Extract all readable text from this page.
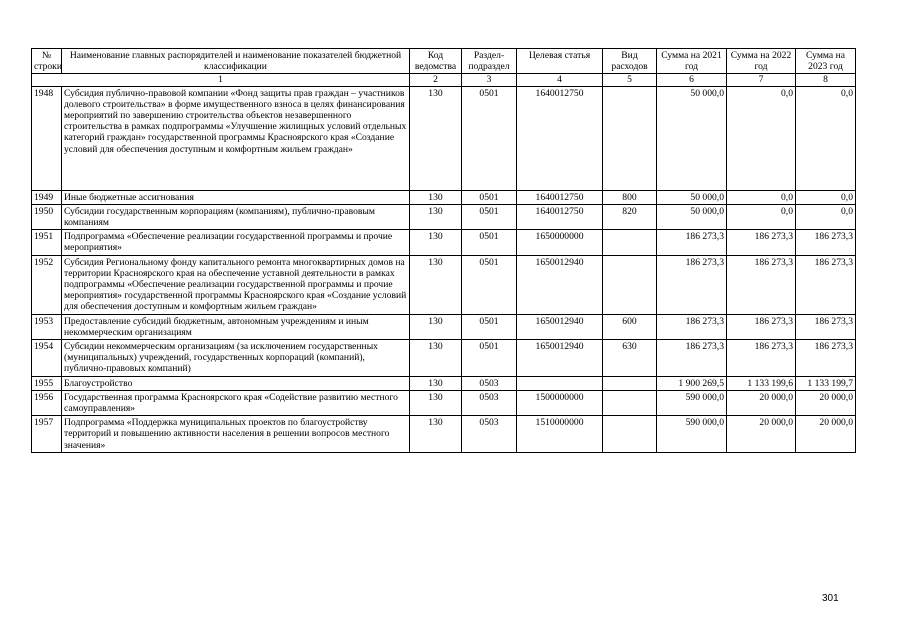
№ строки	Наименование главных распорядителей и наименование показателей бюджетной классификации	Код ведомства	Раздел- подраздел	Целевая статья	Вид расходов	Сумма на 2021 год	Сумма на 2022 год	Сумма на 2023 год
1		2	3	4	5	6	7	8
1948	Субсидия публично-правовой компании «Фонд защиты прав граждан – участников долевого строительства» в форме имущественного взноса в целях финансирования мероприятий по завершению строительства объектов незавершенного строительства в рамках подпрограммы «Улучшение жилищных условий отдельных категорий граждан» государственной программы Красноярского края «Создание условий для обеспечения доступным и комфортным жильем граждан»	130	0501	1640012750		50 000,0	0,0	0,0
1949	Иные бюджетные ассигнования	130	0501	1640012750	800	50 000,0	0,0	0,0
1950	Субсидии государственным корпорациям (компаниям), публично-правовым компаниям	130	0501	1640012750	820	50 000,0	0,0	0,0
1951	Подпрограмма «Обеспечение реализации государственной программы и прочие мероприятия»	130	0501	1650000000		186 273,3	186 273,3	186 273,3
1952	Субсидия Региональному фонду капитального ремонта многоквартирных домов на территории Красноярского края на обеспечение уставной деятельности в рамках подпрограммы «Обеспечение реализации государственной программы и прочие мероприятия» государственной программы Красноярского края «Создание условий для обеспечения доступным и комфортным жильем граждан»	130	0501	1650012940		186 273,3	186 273,3	186 273,3
1953	Предоставление субсидий бюджетным, автономным учреждениям и иным некоммерческим организациям	130	0501	1650012940	600	186 273,3	186 273,3	186 273,3
1954	Субсидии некоммерческим организациям (за исключением государственных (муниципальных) учреждений, государственных корпораций (компаний), публично-правовых компаний)	130	0501	1650012940	630	186 273,3	186 273,3	186 273,3
1955	Благоустройство	130	0503			1 900 269,5	1 133 199,6	1 133 199,7
1956	Государственная программа Красноярского края «Содействие развитию местного самоуправления»	130	0503	1500000000		590 000,0	20 000,0	20 000,0
1957	Подпрограмма «Поддержка муниципальных проектов по благоустройству территорий и повышению активности населения в решении вопросов местного значения»	130	0503	1510000000		590 000,0	20 000,0	20 000,0
301
